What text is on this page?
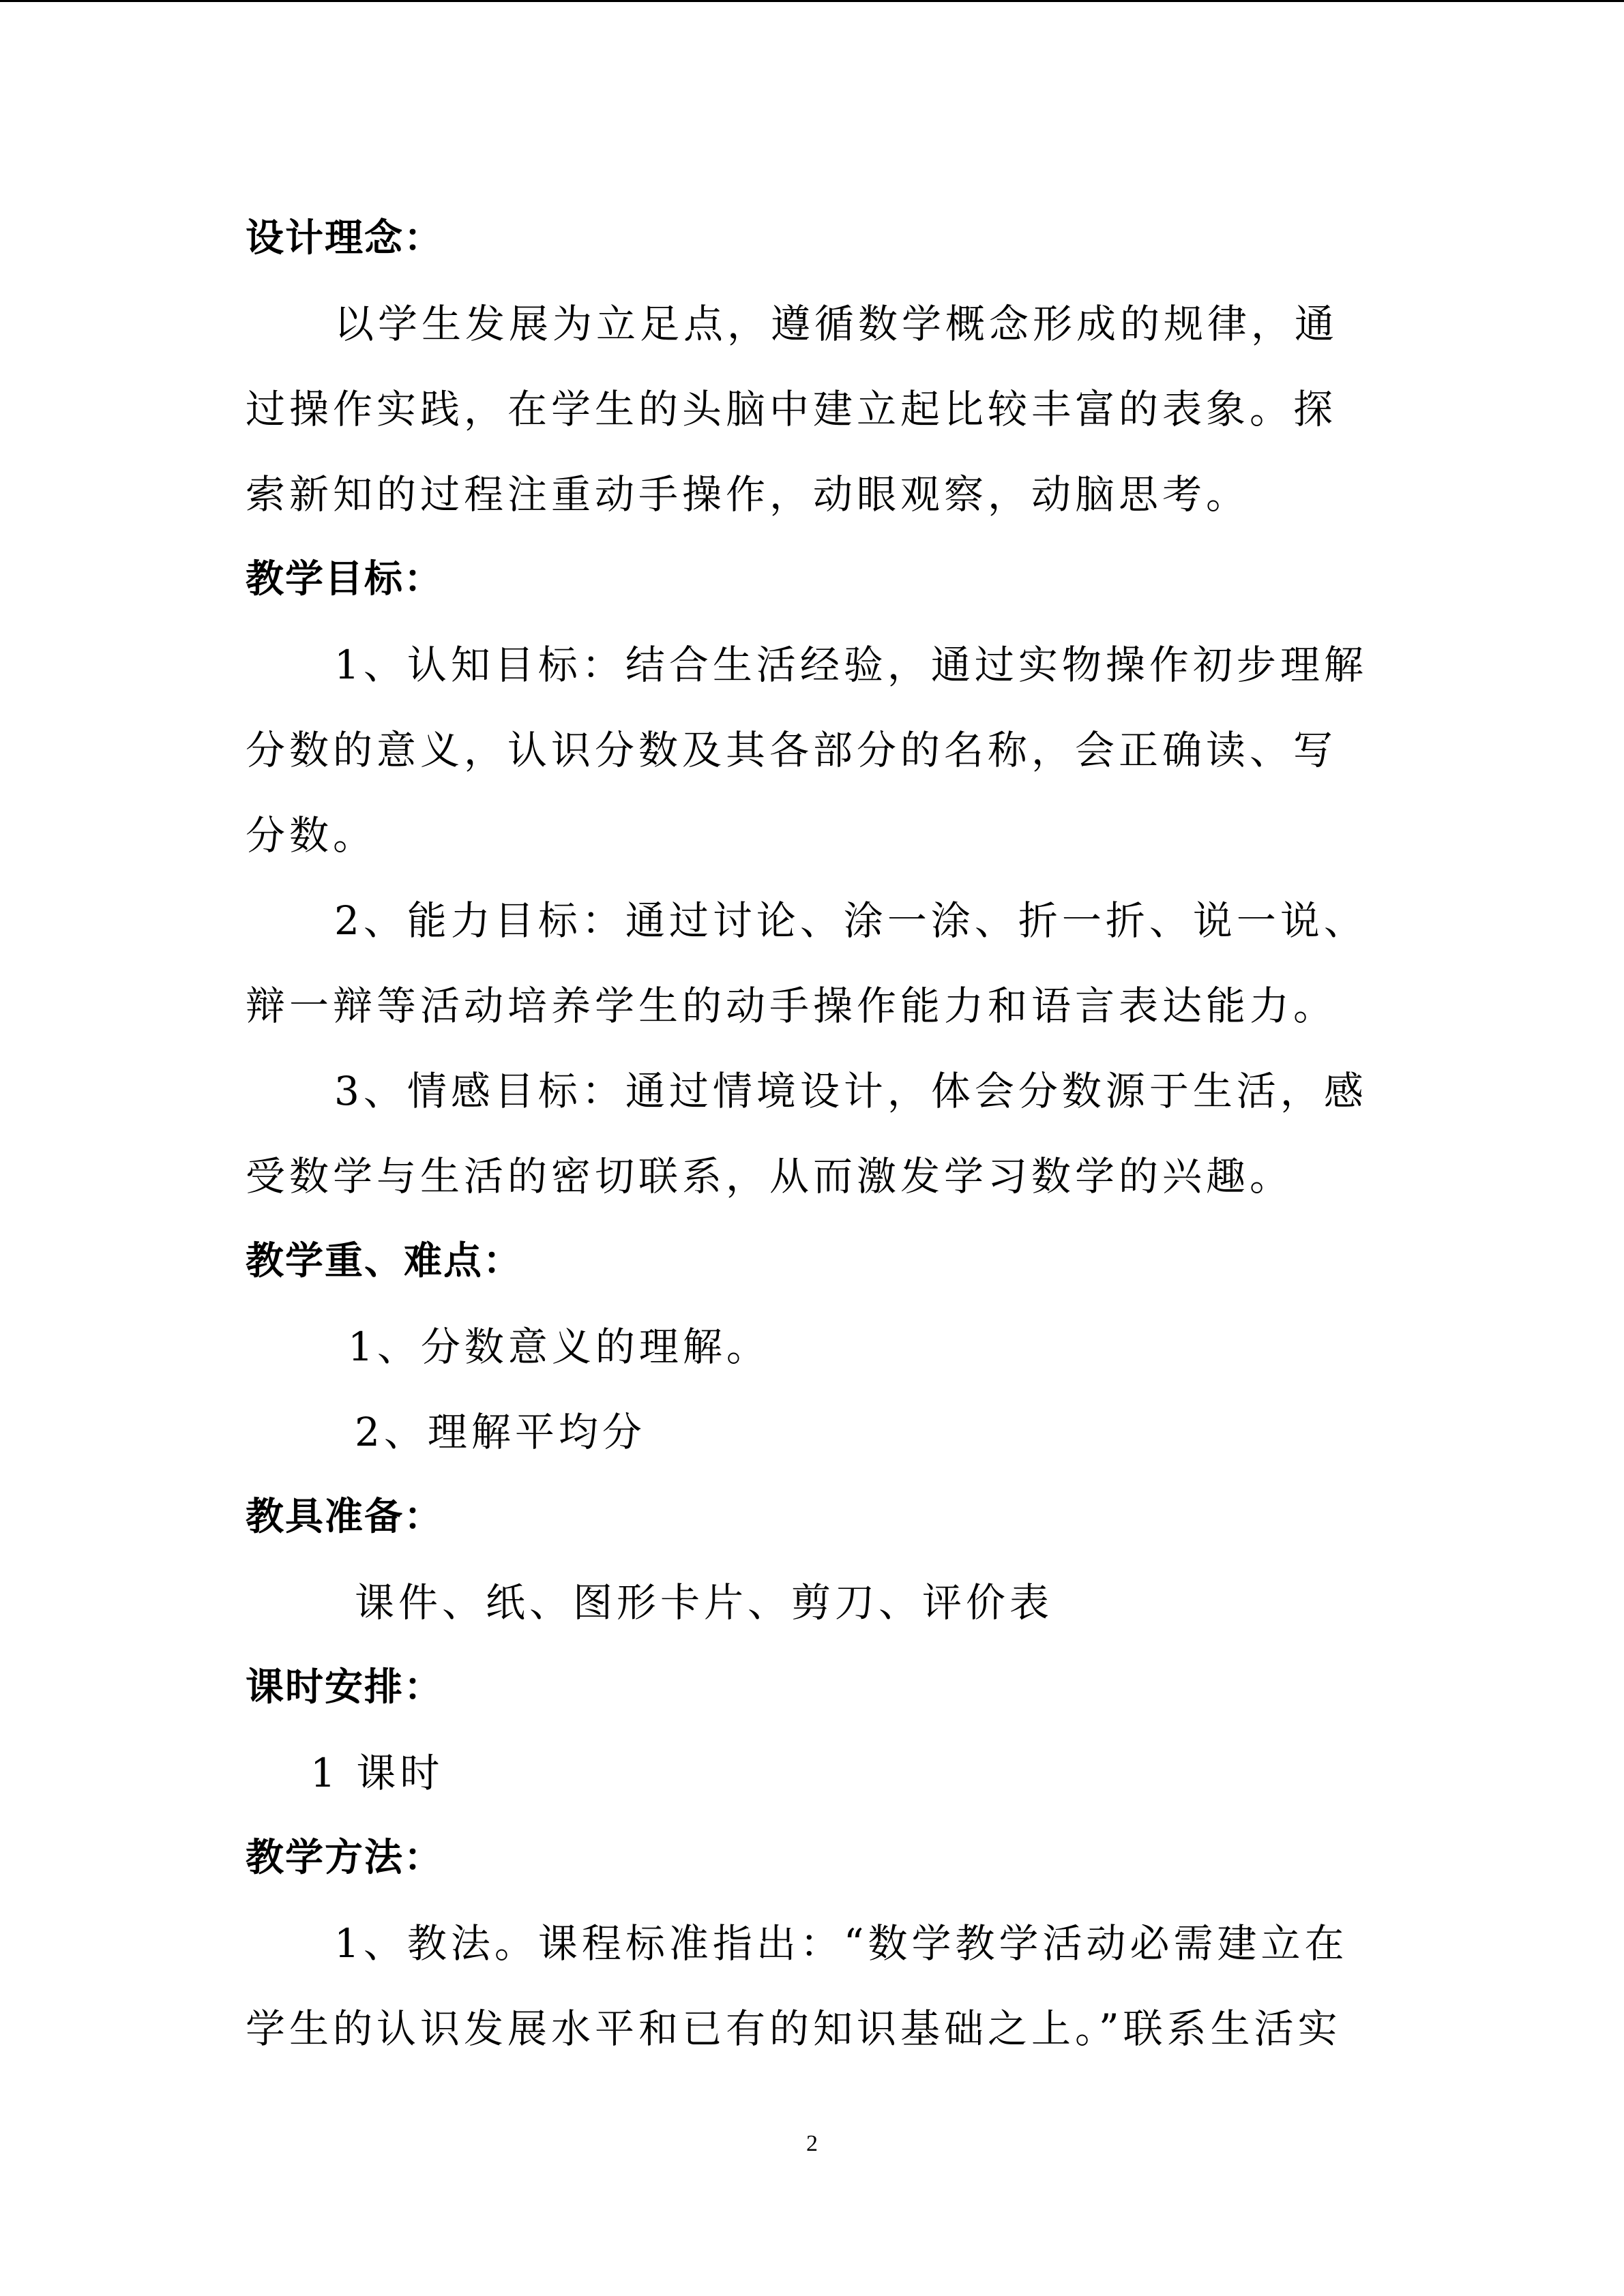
设计理念：
以学生发展为立足点，遵循数学概念形成的规律，通
过操作实践，在学生的头脑中建立起比较丰富的表象。探
索新知的过程注重动手操作，动眼观察，动脑思考。
教学目标：
1、认知目标：结合生活经验，通过实物操作初步理解
分数的意义，认识分数及其各部分的名称，会正确读、写
分数。
2、能力目标：通过讨论、涂一涂、折一折、说一说、
辩一辩等活动培养学生的动手操作能力和语言表达能力。
3、情感目标：通过情境设计，体会分数源于生活，感
受数学与生活的密切联系，从而激发学习数学的兴趣。
教学重、难点：
1、分数意义的理解。
2、理解平均分
教具准备：
课件、纸、图形卡片、剪刀、评价表
课时安排：
1 课时
教学方法：
1、教法。课程标准指出：“数学教学活动必需建立在
学生的认识发展水平和已有的知识基础之上。”联系生活实
2
